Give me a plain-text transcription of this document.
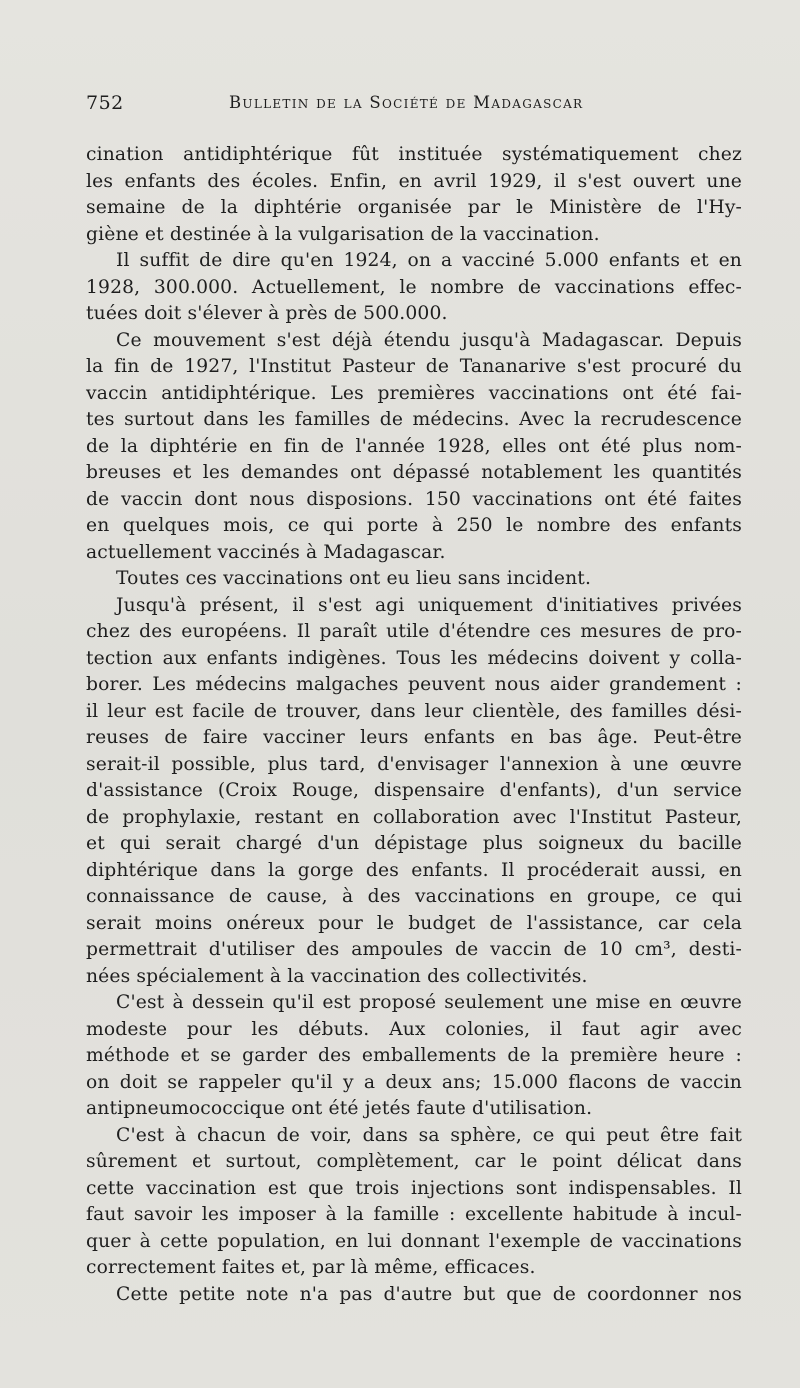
752	Bulletin de la Société de Madagascar
cination antidiphtérique fût instituée systématiquement chez
les enfants des écoles. Enfin, en avril 1929, il s'est ouvert une
semaine de la diphtérie organisée par le Ministère de l'Hy-
giène et destinée à la vulgarisation de la vaccination.
Il suffit de dire qu'en 1924, on a vacciné 5.000 enfants et en
1928, 300.000. Actuellement, le nombre de vaccinations effec-
tuées doit s'élever à près de 500.000.
Ce mouvement s'est déjà étendu jusqu'à Madagascar. Depuis
la fin de 1927, l'Institut Pasteur de Tananarive s'est procuré du
vaccin antidiphtérique. Les premières vaccinations ont été fai-
tes surtout dans les familles de médecins. Avec la recrudescence
de la diphtérie en fin de l'année 1928, elles ont été plus nom-
breuses et les demandes ont dépassé notablement les quantités
de vaccin dont nous disposions. 150 vaccinations ont été faites
en quelques mois, ce qui porte à 250 le nombre des enfants
actuellement vaccinés à Madagascar.
Toutes ces vaccinations ont eu lieu sans incident.
Jusqu'à présent, il s'est agi uniquement d'initiatives privées
chez des européens. Il paraît utile d'étendre ces mesures de pro-
tection aux enfants indigènes. Tous les médecins doivent y colla-
borer. Les médecins malgaches peuvent nous aider grandement :
il leur est facile de trouver, dans leur clientèle, des familles dési-
reuses de faire vacciner leurs enfants en bas âge. Peut-être
serait-il possible, plus tard, d'envisager l'annexion à une œuvre
d'assistance (Croix Rouge, dispensaire d'enfants), d'un service
de prophylaxie, restant en collaboration avec l'Institut Pasteur,
et qui serait chargé d'un dépistage plus soigneux du bacille
diphtérique dans la gorge des enfants. Il procéderait aussi, en
connaissance de cause, à des vaccinations en groupe, ce qui
serait moins onéreux pour le budget de l'assistance, car cela
permettrait d'utiliser des ampoules de vaccin de 10 cm³, desti-
nées spécialement à la vaccination des collectivités.
C'est à dessein qu'il est proposé seulement une mise en œuvre
modeste pour les débuts. Aux colonies, il faut agir avec
méthode et se garder des emballements de la première heure :
on doit se rappeler qu'il y a deux ans; 15.000 flacons de vaccin
antipneumococcique ont été jetés faute d'utilisation.
C'est à chacun de voir, dans sa sphère, ce qui peut être fait
sûrement et surtout, complètement, car le point délicat dans
cette vaccination est que trois injections sont indispensables. Il
faut savoir les imposer à la famille : excellente habitude à incul-
quer à cette population, en lui donnant l'exemple de vaccinations
correctement faites et, par là même, efficaces.
Cette petite note n'a pas d'autre but que de coordonner nos
